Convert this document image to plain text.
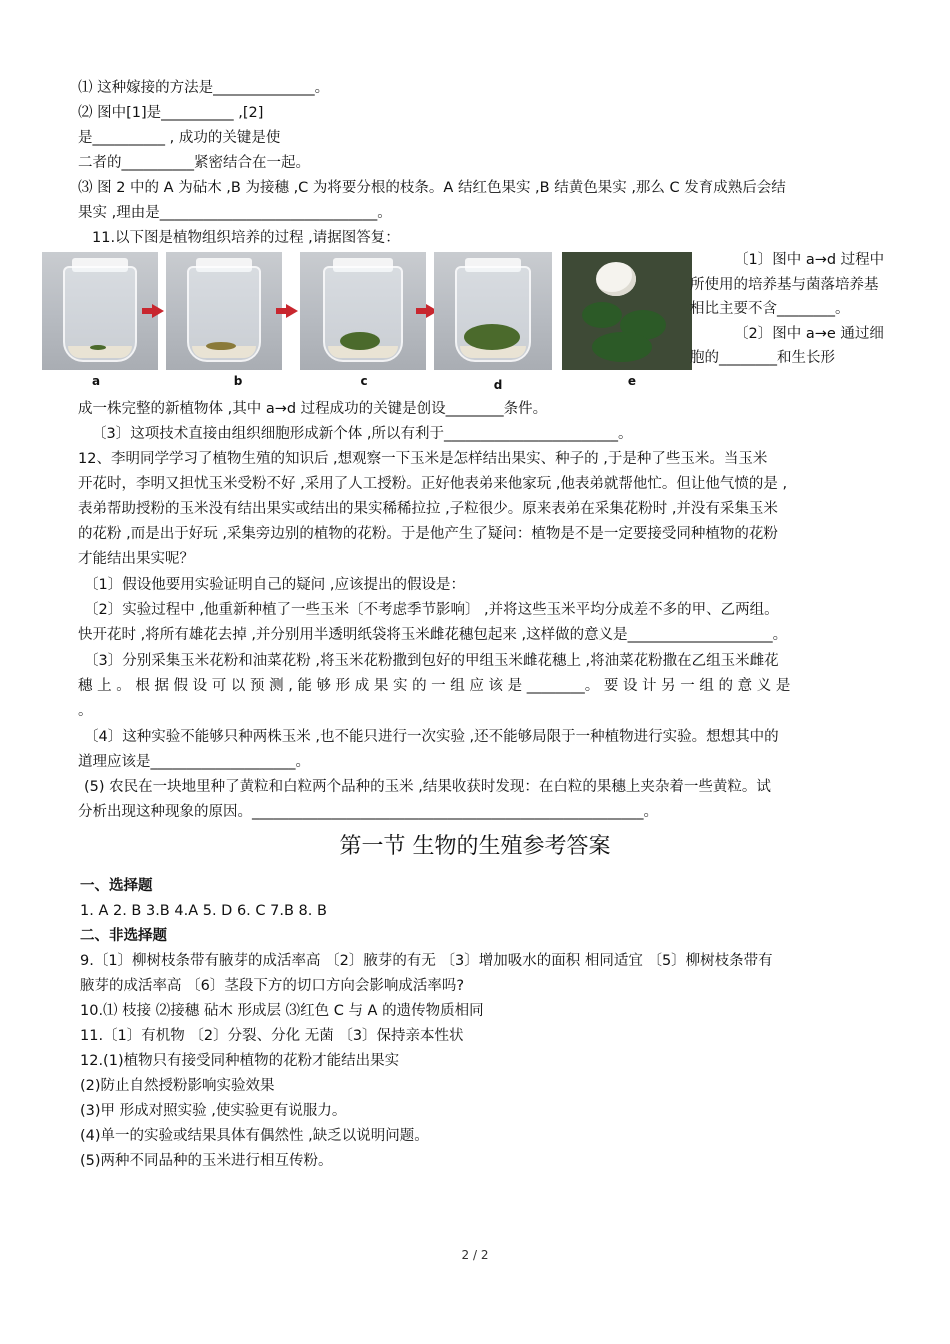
⑴ 这种嫁接的方法是______________。
⑵ 图中[1]是__________ ,[2]
是__________ , 成功的关键是使
二者的__________紧密结合在一起。
⑶ 图 2 中的 A 为砧木 ,B 为接穗 ,C 为将要分根的枝条。A 结红色果实 ,B 结黄色果实 ,那么 C 发育成熟后会结
果实 ,理由是______________________________。
11.以下图是植物组织培养的过程 ,请据图答复：
a	b	c	d	e
〔1〕图中 a→d 过程中所使用的培养基与菌落培养基相比主要不含________。
〔2〕图中 a→e 通过细胞的________和生长形
成一株完整的新植物体 ,其中 a→d 过程成功的关键是创设________条件。
〔3〕这项技术直接由组织细胞形成新个体 ,所以有利于________________________。
12、李明同学学习了植物生殖的知识后 ,想观察一下玉米是怎样结出果实、种子的 ,于是种了些玉米。当玉米
开花时，李明又担忧玉米受粉不好 ,采用了人工授粉。正好他表弟来他家玩 ,他表弟就帮他忙。但让他气愤的是 ,
表弟帮助授粉的玉米没有结出果实或结出的果实稀稀拉拉 ,子粒很少。原来表弟在采集花粉时 ,并没有采集玉米
的花粉 ,而是出于好玩 ,采集旁边别的植物的花粉。于是他产生了疑问：植物是不是一定要接受同种植物的花粉
才能结出果实呢？
〔1〕假设他要用实验证明自己的疑问 ,应该提出的假设是：
〔2〕实验过程中 ,他重新种植了一些玉米〔不考虑季节影响〕 ,并将这些玉米平均分成差不多的甲、乙两组。
快开花时 ,将所有雄花去掉 ,并分别用半透明纸袋将玉米雌花穗包起来 ,这样做的意义是____________________。
〔3〕分别采集玉米花粉和油菜花粉 ,将玉米花粉撒到包好的甲组玉米雌花穗上 ,将油菜花粉撒在乙组玉米雌花
穗 上 。 根 据 假 设 可 以 预 测 , 能 够 形 成 果 实 的 一 组 应 该 是 ________。 要 设 计 另 一 组 的 意 义 是
。
〔4〕这种实验不能够只种两株玉米 ,也不能只进行一次实验 ,还不能够局限于一种植物进行实验。想想其中的
道理应该是____________________。
(5) 农民在一块地里种了黄粒和白粒两个品种的玉米 ,结果收获时发现：在白粒的果穗上夹杂着一些黄粒。试
分析出现这种现象的原因。______________________________________________________。
第一节 生物的生殖参考答案
一、选择题
1. A 2. B 3.B 4.A 5. D 6. C 7.B 8. B
二、非选择题
9.〔1〕柳树枝条带有腋芽的成活率高 〔2〕腋芽的有无 〔3〕增加吸水的面积 相同适宜 〔5〕柳树枝条带有
腋芽的成活率高 〔6〕茎段下方的切口方向会影响成活率吗?
10.⑴ 枝接 ⑵接穗 砧木 形成层 ⑶红色 C 与 A 的遗传物质相同
11.〔1〕有机物 〔2〕分裂、分化 无菌 〔3〕保持亲本性状
12.(1)植物只有接受同种植物的花粉才能结出果实
(2)防止自然授粉影响实验效果
(3)甲 形成对照实验 ,使实验更有说服力。
(4)单一的实验或结果具体有偶然性 ,缺乏以说明问题。
(5)两种不同品种的玉米进行相互传粉。
2 / 2
